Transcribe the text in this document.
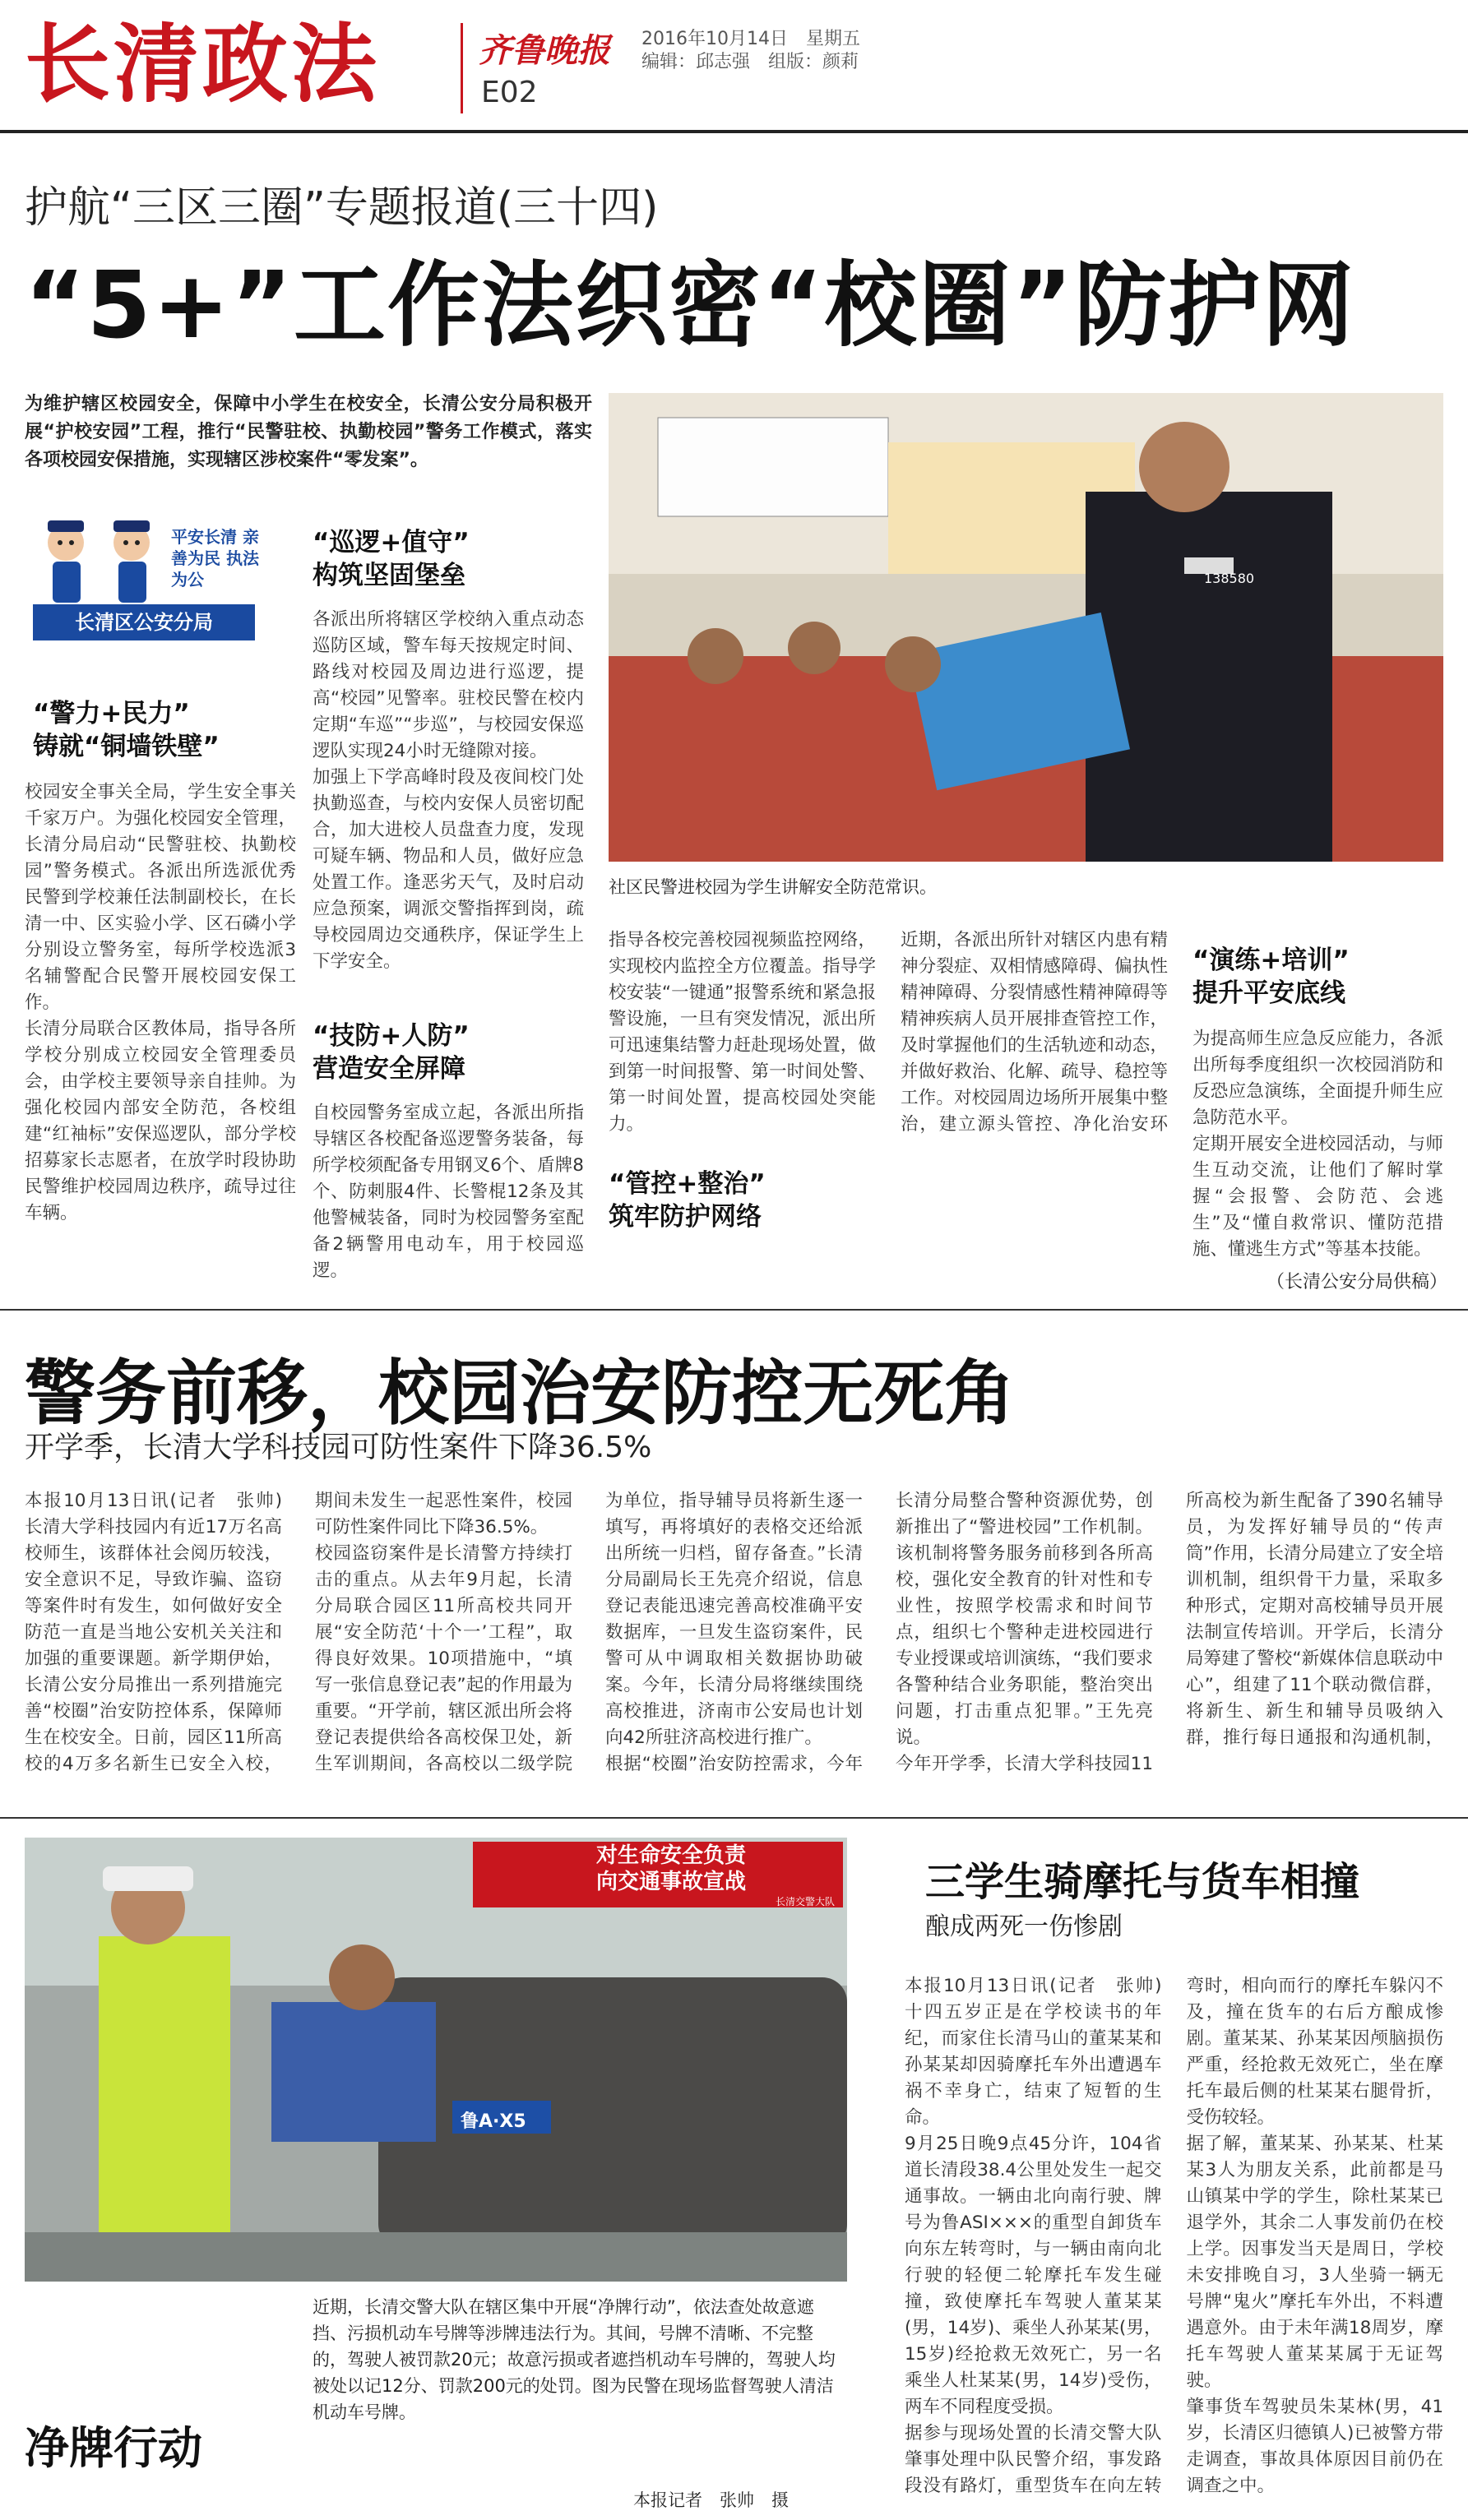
长清政法	齐鲁晚报 2016年10月14日　星期五
编辑：邱志强　组版：颜莉
E02
护航“三区三圈”专题报道(三十四)
“5+”工作法织密“校圈”防护网
为维护辖区校园安全，保障中小学生在校安全，长清公安分局积极开展“护校安园”工程，推行“民警驻校、执勤校园”警务工作模式，落实各项校园安保措施，实现辖区涉校案件“零发案”。
平安长清 亲善为民 执法为公
长清区公安分局
138580
社区民警进校园为学生讲解安全防范常识。
“警力+民力”
铸就“铜墙铁壁”
校园安全事关全局，学生安全事关千家万户。为强化校园安全管理，长清分局启动“民警驻校、执勤校园”警务模式。各派出所选派优秀民警到学校兼任法制副校长，在长清一中、区实验小学、区石磷小学分别设立警务室，每所学校选派3名辅警配合民警开展校园安保工作。
长清分局联合区教体局，指导各所学校分别成立校园安全管理委员会，由学校主要领导亲自挂帅。为强化校园内部安全防范，各校组建“红袖标”安保巡逻队，部分学校招募家长志愿者，在放学时段协助民警维护校园周边秩序，疏导过往车辆。
“巡逻+值守”
构筑坚固堡垒
各派出所将辖区学校纳入重点动态巡防区域，警车每天按规定时间、路线对校园及周边进行巡逻，提高“校园”见警率。驻校民警在校内定期“车巡”“步巡”，与校园安保巡逻队实现24小时无缝隙对接。
加强上下学高峰时段及夜间校门处执勤巡查，与校内安保人员密切配合，加大进校人员盘查力度，发现可疑车辆、物品和人员，做好应急处置工作。逢恶劣天气，及时启动应急预案，调派交警指挥到岗，疏导校园周边交通秩序，保证学生上下学安全。
“技防+人防”
营造安全屏障
自校园警务室成立起，各派出所指导辖区各校配备巡逻警务装备，每所学校须配备专用钢叉6个、盾牌8个、防刺服4件、长警棍12条及其他警械装备，同时为校园警务室配备2辆警用电动车，用于校园巡逻。
“管控+整治”
筑牢防护网络
指导各校完善校园视频监控网络，实现校内监控全方位覆盖。指导学校安装“一键通”报警系统和紧急报警设施，一旦有突发情况，派出所可迅速集结警力赶赴现场处置，做到第一时间报警、第一时间处警、第一时间处置，提高校园处突能力。
近期，各派出所针对辖区内患有精神分裂症、双相情感障碍、偏执性精神障碍、分裂情感性精神障碍等精神疾病人员开展排查管控工作，及时掌握他们的生活轨迹和动态，并做好救治、化解、疏导、稳控等工作。对校园周边场所开展集中整治，建立源头管控、净化治安环

“演练+培训”
提升平安底线
为提高师生应急反应能力，各派出所每季度组织一次校园消防和反恐应急演练，全面提升师生应急防范水平。
定期开展安全进校园活动，与师生互动交流，让他们了解时掌握“会报警、会防范、会逃生”及“懂自救常识、懂防范措施、懂逃生方式”等基本技能。
（长清公安分局供稿）
警务前移，校园治安防控无死角
开学季，长清大学科技园可防性案件下降36.5%
本报10月13日讯(记者　张帅)　长清大学科技园内有近17万名高校师生，该群体社会阅历较浅，安全意识不足，导致诈骗、盗窃等案件时有发生，如何做好安全防范一直是当地公安机关关注和加强的重要课题。新学期伊始，长清公安分局推出一系列措施完善“校圈”治安防控体系，保障师生在校安全。日前，园区11所高校的4万多名新生已安全入校，期间未发生一起恶性案件，校园可防性案件同比下降36.5%。
校园盗窃案件是长清警方持续打击的重点。从去年9月起，长清分局联合园区11所高校共同开展“安全防范‘十个一’工程”，取得良好效果。10项措施中，“填写一张信息登记表”起的作用最为重要。“开学前，辖区派出所会将登记表提供给各高校保卫处，新生军训期间，各高校以二级学院为单位，指导辅导员将新生逐一填写，再将填好的表格交还给派出所统一归档，留存备查。”长清分局副局长王先亮介绍说，信息登记表能迅速完善高校准确平安数据库，一旦发生盗窃案件，民警可从中调取相关数据协助破案。今年，长清分局将继续围绕高校推进，济南市公安局也计划向42所驻济高校进行推广。
根据“校圈”治安防控需求，今年长清分局整合警种资源优势，创新推出了“警进校园”工作机制。该机制将警务服务前移到各所高校，强化安全教育的针对性和专业性，按照学校需求和时间节点，组织七个警种走进校园进行专业授课或培训演练，“我们要求各警种结合业务职能，整治突出问题，打击重点犯罪。”王先亮说。
今年开学季，长清大学科技园11所高校为新生配备了390名辅导员，为发挥好辅导员的“传声筒”作用，长清分局建立了安全培训机制，组织骨干力量，采取多种形式，定期对高校辅导员开展法制宣传培训。开学后，长清分局筹建了警校“新媒体信息联动中心”，组建了11个联动微信群，将新生、新生和辅导员吸纳入群，推行每日通报和沟通机制，
鲁A·X5
对生命安全负责
向交通事故宣战
长清交警大队
净牌行动
近期，长清交警大队在辖区集中开展“净牌行动”，依法查处故意遮挡、污损机动车号牌等涉牌违法行为。其间，号牌不清晰、不完整的，驾驶人被罚款20元；故意污损或者遮挡机动车号牌的，驾驶人均被处以记12分、罚款200元的处罚。图为民警在现场监督驾驶人清洁机动车号牌。
本报记者　张帅　摄
三学生骑摩托与货车相撞
酿成两死一伤惨剧
本报10月13日讯(记者　张帅)　十四五岁正是在学校读书的年纪，而家住长清马山的董某某和孙某某却因骑摩托车外出遭遇车祸不幸身亡，结束了短暂的生命。
9月25日晚9点45分许，104省道长清段38.4公里处发生一起交通事故。一辆由北向南行驶、牌号为鲁ASI×××的重型自卸货车向东左转弯时，与一辆由南向北行驶的轻便二轮摩托车发生碰撞，致使摩托车驾驶人董某某(男，14岁)、乘坐人孙某某(男，15岁)经抢救无效死亡，另一名乘坐人杜某某(男，14岁)受伤，两车不同程度受损。
据参与现场处置的长清交警大队肇事处理中队民警介绍，事发路段没有路灯，重型货车在向左转弯时，相向而行的摩托车躲闪不及，撞在货车的右后方酿成惨剧。董某某、孙某某因颅脑损伤严重，经抢救无效死亡，坐在摩托车最后侧的杜某某右腿骨折，受伤较轻。
据了解，董某某、孙某某、杜某某3人为朋友关系，此前都是马山镇某中学的学生，除杜某某已退学外，其余二人事发前仍在校上学。因事发当天是周日，学校未安排晚自习，3人坐骑一辆无号牌“鬼火”摩托车外出，不料遭遇意外。由于未年满18周岁，摩托车驾驶人董某某属于无证驾驶。
肇事货车驾驶员朱某林(男，41岁，长清区归德镇人)已被警方带走调查，事故具体原因目前仍在调查之中。
